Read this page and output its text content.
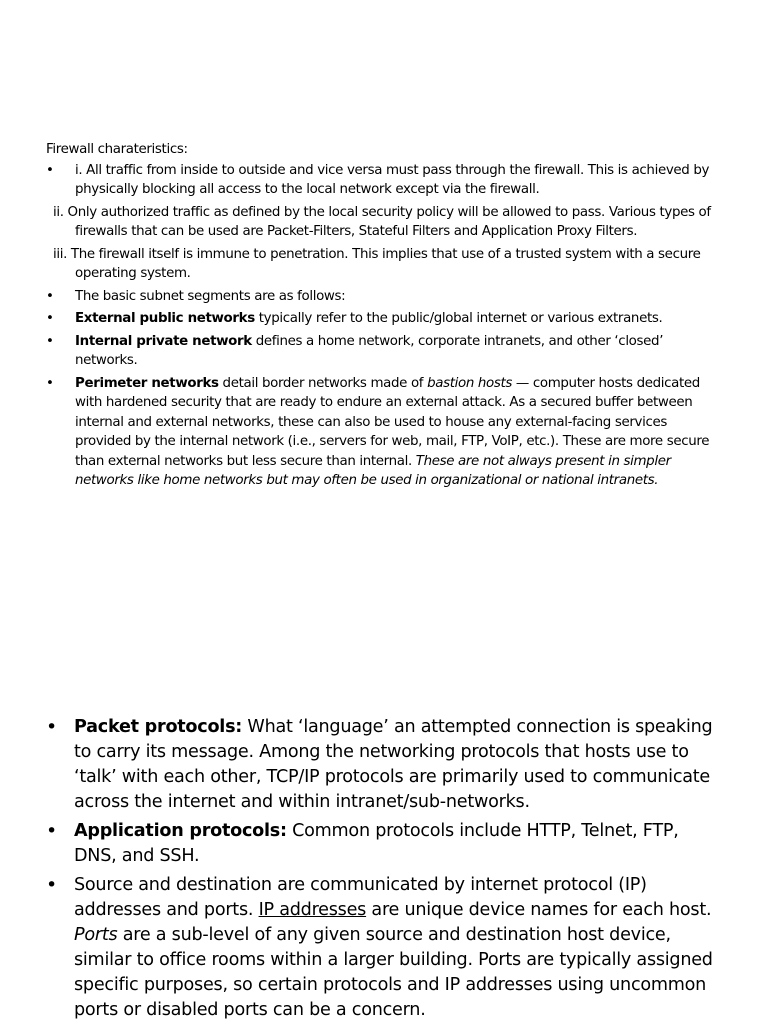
Firewall charateristics:
• i. All traffic from inside to outside and vice versa must pass through the firewall. This is achieved by physically blocking all access to the local network except via the firewall.
ii. Only authorized traffic as defined by the local security policy will be allowed to pass. Various types of firewalls that can be used are Packet-Filters, Stateful Filters and Application Proxy Filters.
iii. The firewall itself is immune to penetration. This implies that use of a trusted system with a secure operating system.
• The basic subnet segments are as follows:
• External public networks typically refer to the public/global internet or various extranets.
• Internal private network defines a home network, corporate intranets, and other ‘closed’ networks.
• Perimeter networks detail border networks made of bastion hosts — computer hosts dedicated with hardened security that are ready to endure an external attack. As a secured buffer between internal and external networks, these can also be used to house any external-facing services provided by the internal network (i.e., servers for web, mail, FTP, VoIP, etc.). These are more secure than external networks but less secure than internal. These are not always present in simpler networks like home networks but may often be used in organizational or national intranets.
• Packet protocols: What ‘language’ an attempted connection is speaking to carry its message. Among the networking protocols that hosts use to ‘talk’ with each other, TCP/IP protocols are primarily used to communicate across the internet and within intranet/sub-networks.
• Application protocols: Common protocols include HTTP, Telnet, FTP, DNS, and SSH.
• Source and destination are communicated by internet protocol (IP) addresses and ports. IP addresses are unique device names for each host. Ports are a sub-level of any given source and destination host device, similar to office rooms within a larger building. Ports are typically assigned specific purposes, so certain protocols and IP addresses using uncommon ports or disabled ports can be a concern.
